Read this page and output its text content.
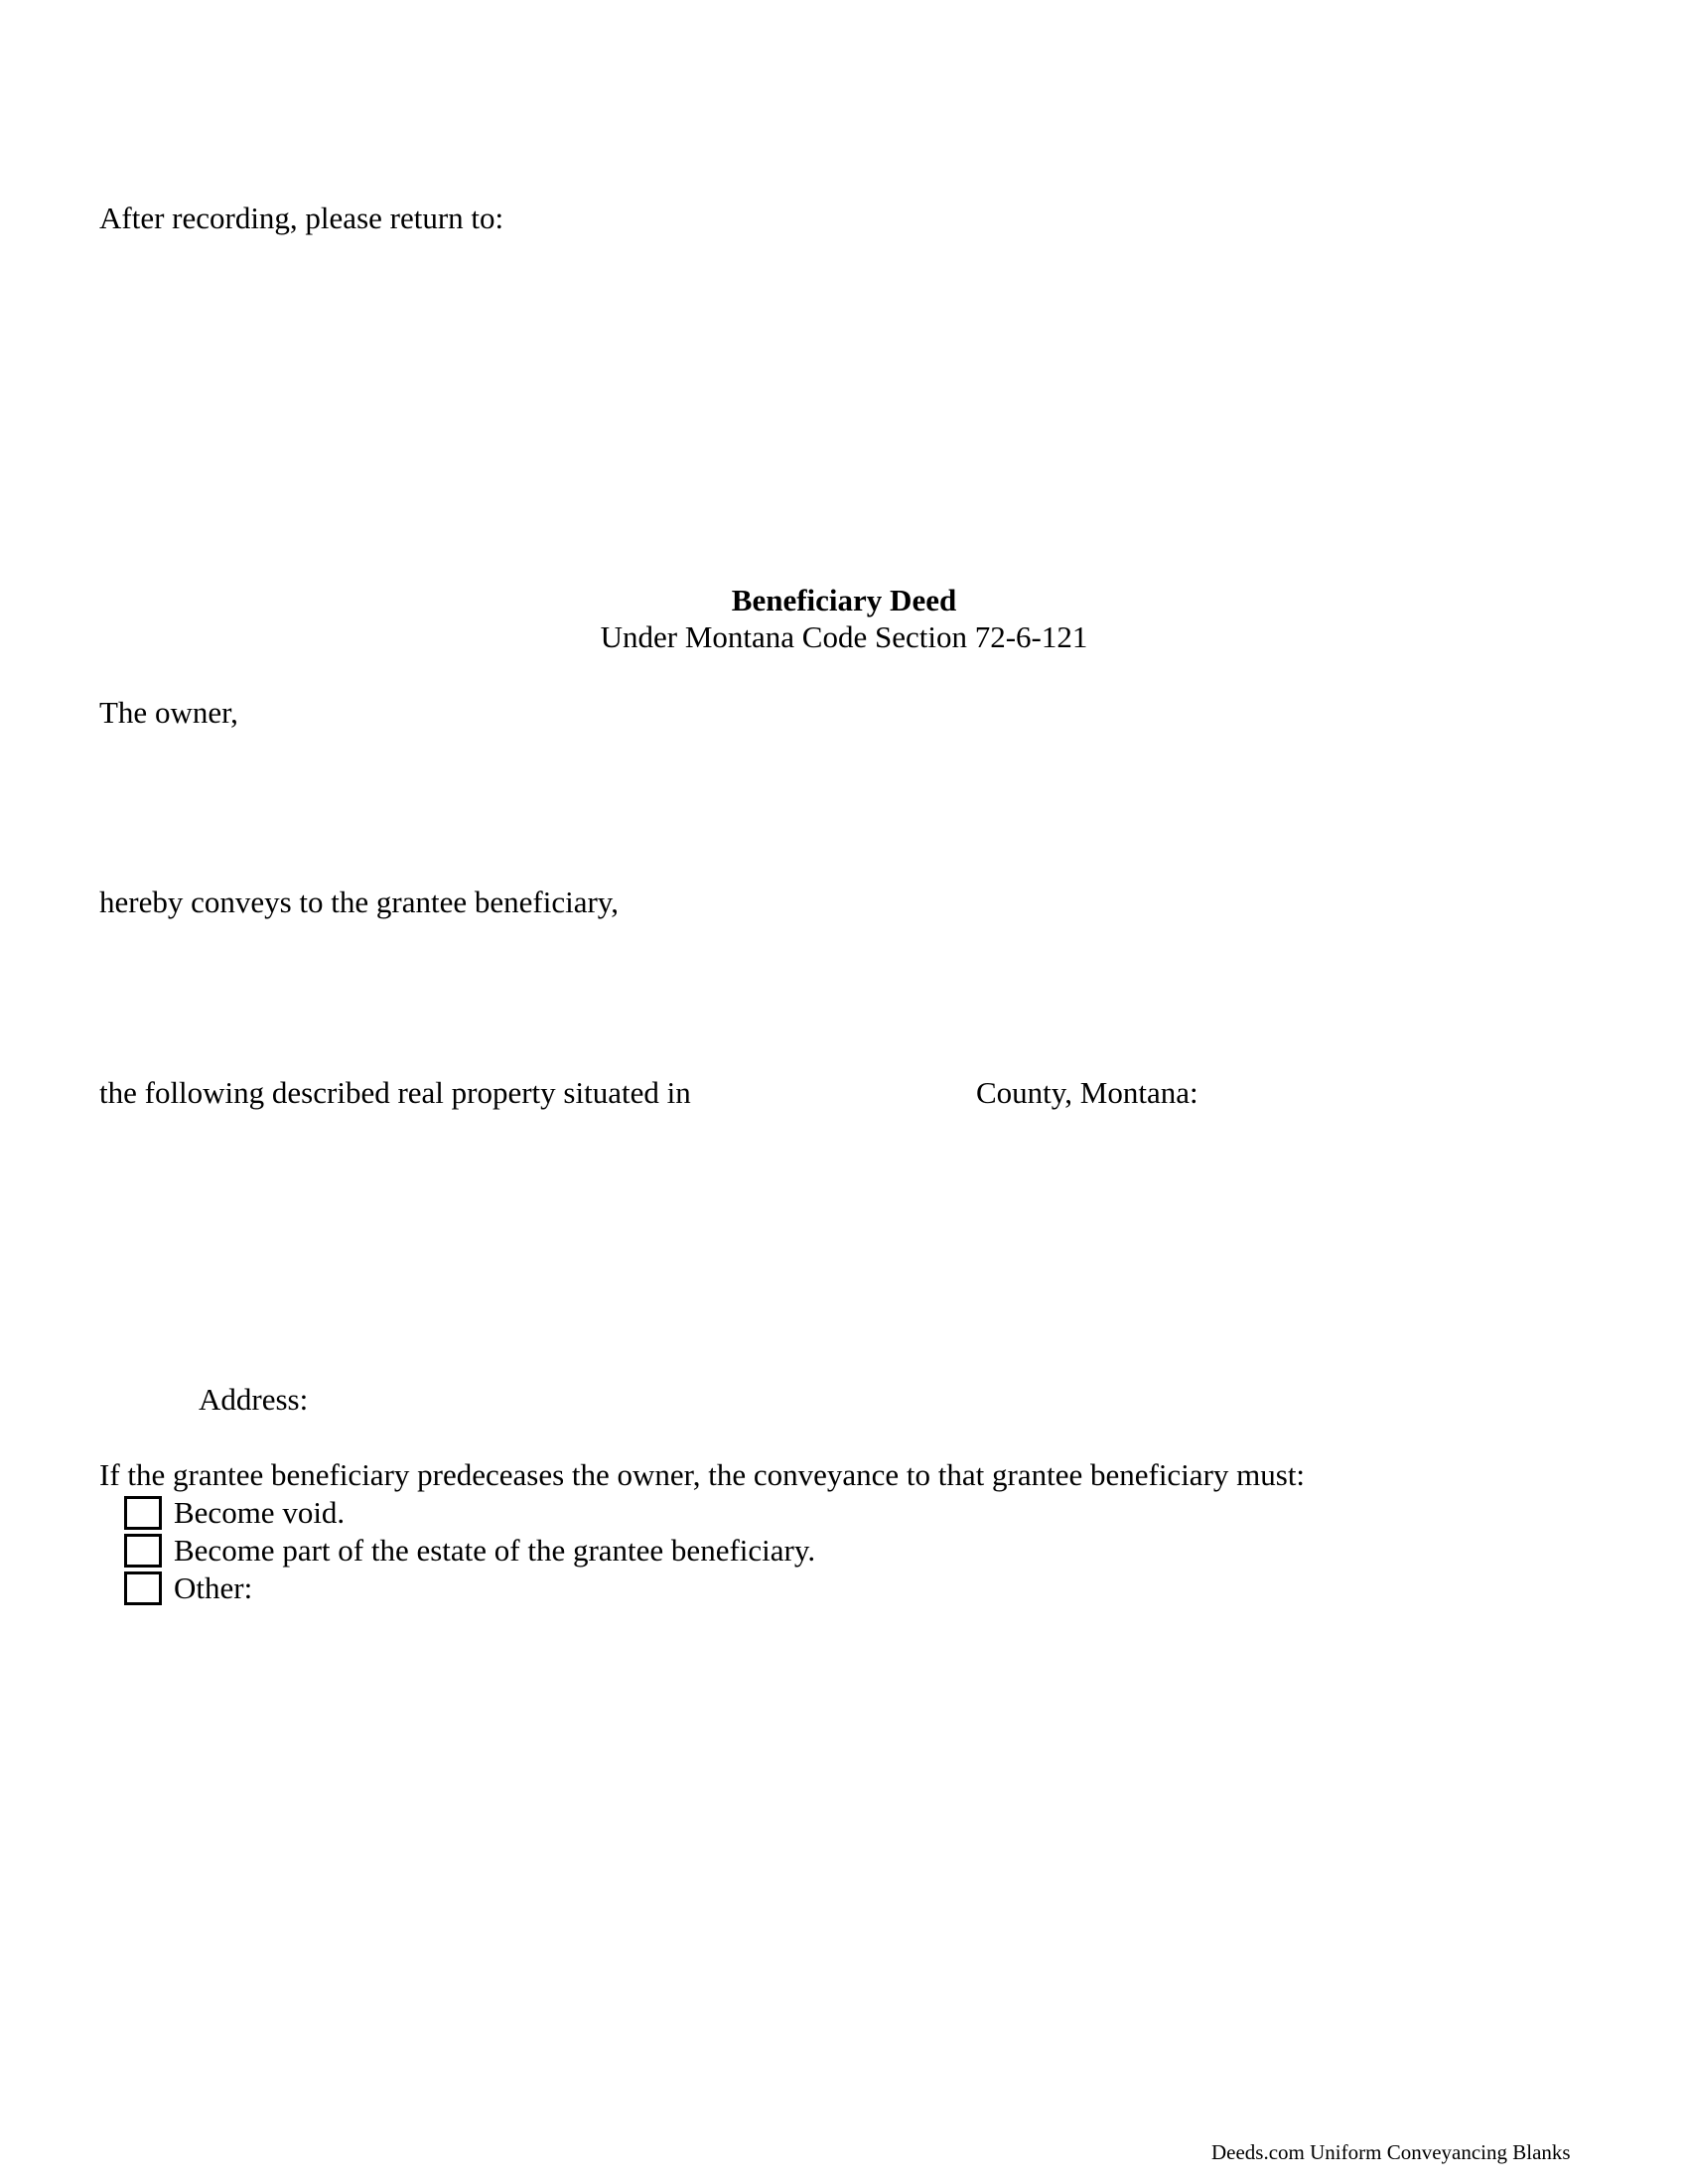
After recording, please return to:
Beneficiary Deed
Under Montana Code Section 72-6-121
The owner,
hereby conveys to the grantee beneficiary,
the following described real property situated in	County, Montana:
Address:
If the grantee beneficiary predeceases the owner, the conveyance to that grantee beneficiary must:
Become void.
Become part of the estate of the grantee beneficiary.
Other:
Deeds.com Uniform Conveyancing Blanks
